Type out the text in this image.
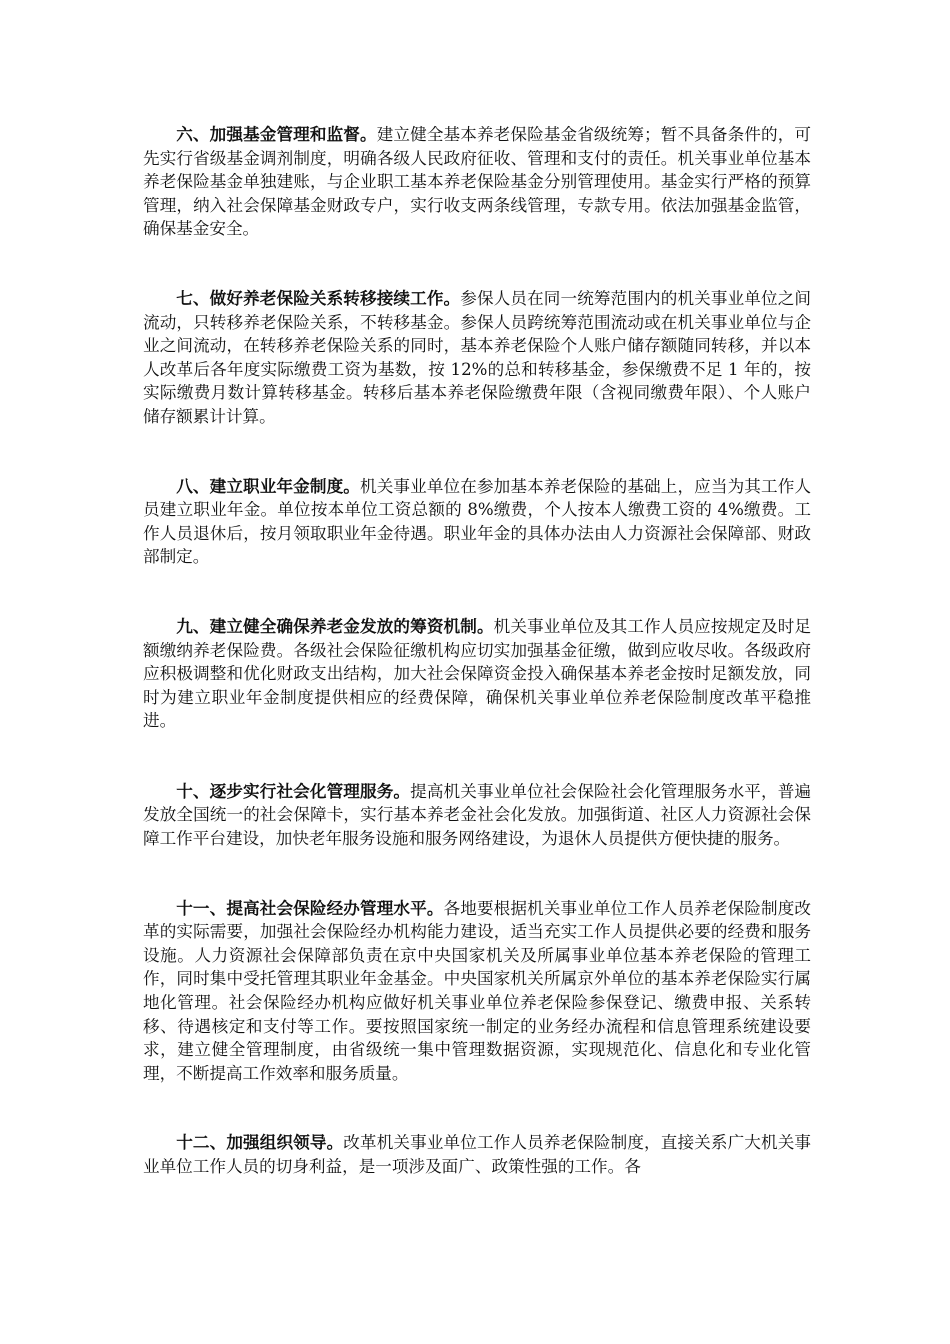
六、加强基金管理和监督。建立健全基本养老保险基金省级统筹；暂不具备条件的，可先实行省级基金调剂制度，明确各级人民政府征收、管理和支付的责任。机关事业单位基本养老保险基金单独建账，与企业职工基本养老保险基金分别管理使用。基金实行严格的预算管理，纳入社会保障基金财政专户，实行收支两条线管理，专款专用。依法加强基金监管，确保基金安全。

七、做好养老保险关系转移接续工作。参保人员在同一统筹范围内的机关事业单位之间流动，只转移养老保险关系，不转移基金。参保人员跨统筹范围流动或在机关事业单位与企业之间流动，在转移养老保险关系的同时，基本养老保险个人账户储存额随同转移，并以本人改革后各年度实际缴费工资为基数，按 12%的总和转移基金，参保缴费不足 1 年的，按实际缴费月数计算转移基金。转移后基本养老保险缴费年限（含视同缴费年限）、个人账户储存额累计计算。

八、建立职业年金制度。机关事业单位在参加基本养老保险的基础上，应当为其工作人员建立职业年金。单位按本单位工资总额的 8%缴费，个人按本人缴费工资的 4%缴费。工作人员退休后，按月领取职业年金待遇。职业年金的具体办法由人力资源社会保障部、财政部制定。

九、建立健全确保养老金发放的筹资机制。机关事业单位及其工作人员应按规定及时足额缴纳养老保险费。各级社会保险征缴机构应切实加强基金征缴，做到应收尽收。各级政府应积极调整和优化财政支出结构，加大社会保障资金投入确保基本养老金按时足额发放，同时为建立职业年金制度提供相应的经费保障，确保机关事业单位养老保险制度改革平稳推进。

十、逐步实行社会化管理服务。提高机关事业单位社会保险社会化管理服务水平，普遍发放全国统一的社会保障卡，实行基本养老金社会化发放。加强街道、社区人力资源社会保障工作平台建设，加快老年服务设施和服务网络建设，为退休人员提供方便快捷的服务。

十一、提高社会保险经办管理水平。各地要根据机关事业单位工作人员养老保险制度改革的实际需要，加强社会保险经办机构能力建设，适当充实工作人员提供必要的经费和服务设施。人力资源社会保障部负责在京中央国家机关及所属事业单位基本养老保险的管理工作，同时集中受托管理其职业年金基金。中央国家机关所属京外单位的基本养老保险实行属地化管理。社会保险经办机构应做好机关事业单位养老保险参保登记、缴费申报、关系转移、待遇核定和支付等工作。要按照国家统一制定的业务经办流程和信息管理系统建设要求，建立健全管理制度，由省级统一集中管理数据资源，实现规范化、信息化和专业化管理，不断提高工作效率和服务质量。

十二、加强组织领导。改革机关事业单位工作人员养老保险制度，直接关系广大机关事业单位工作人员的切身利益，是一项涉及面广、政策性强的工作。各
